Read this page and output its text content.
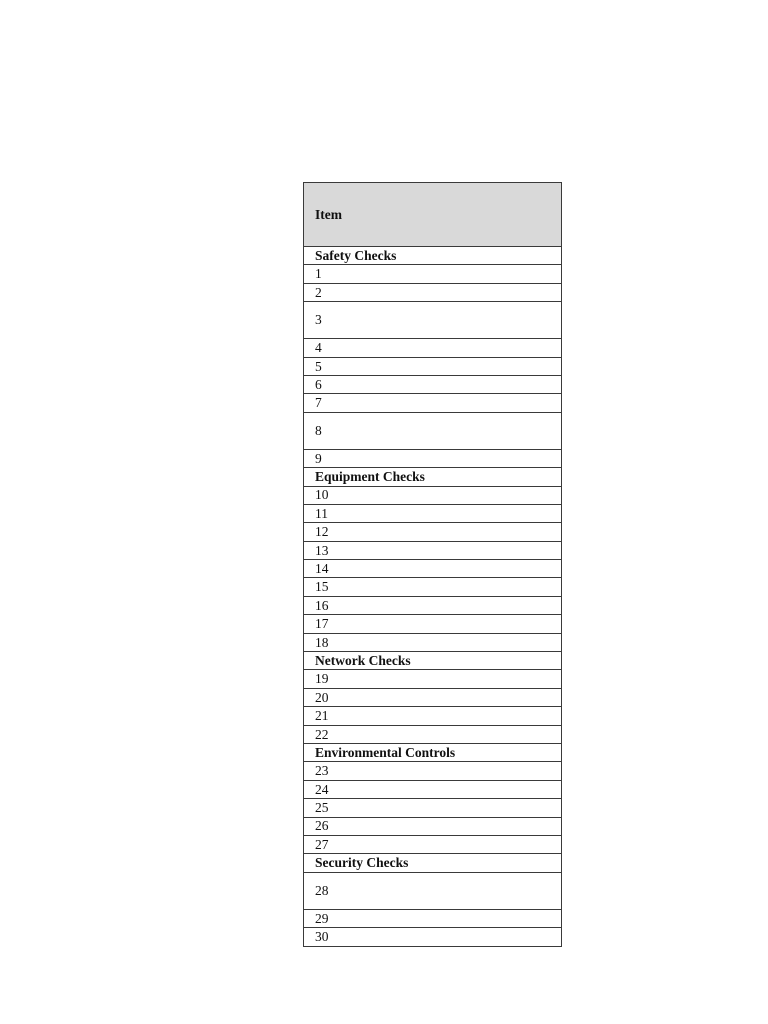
Item
Safety Checks
1
2
3
4
5
6
7
8
9
Equipment Checks
10
11
12
13
14
15
16
17
18
Network Checks
19
20
21
22
Environmental Controls
23
24
25
26
27
Security Checks
28
29
30
